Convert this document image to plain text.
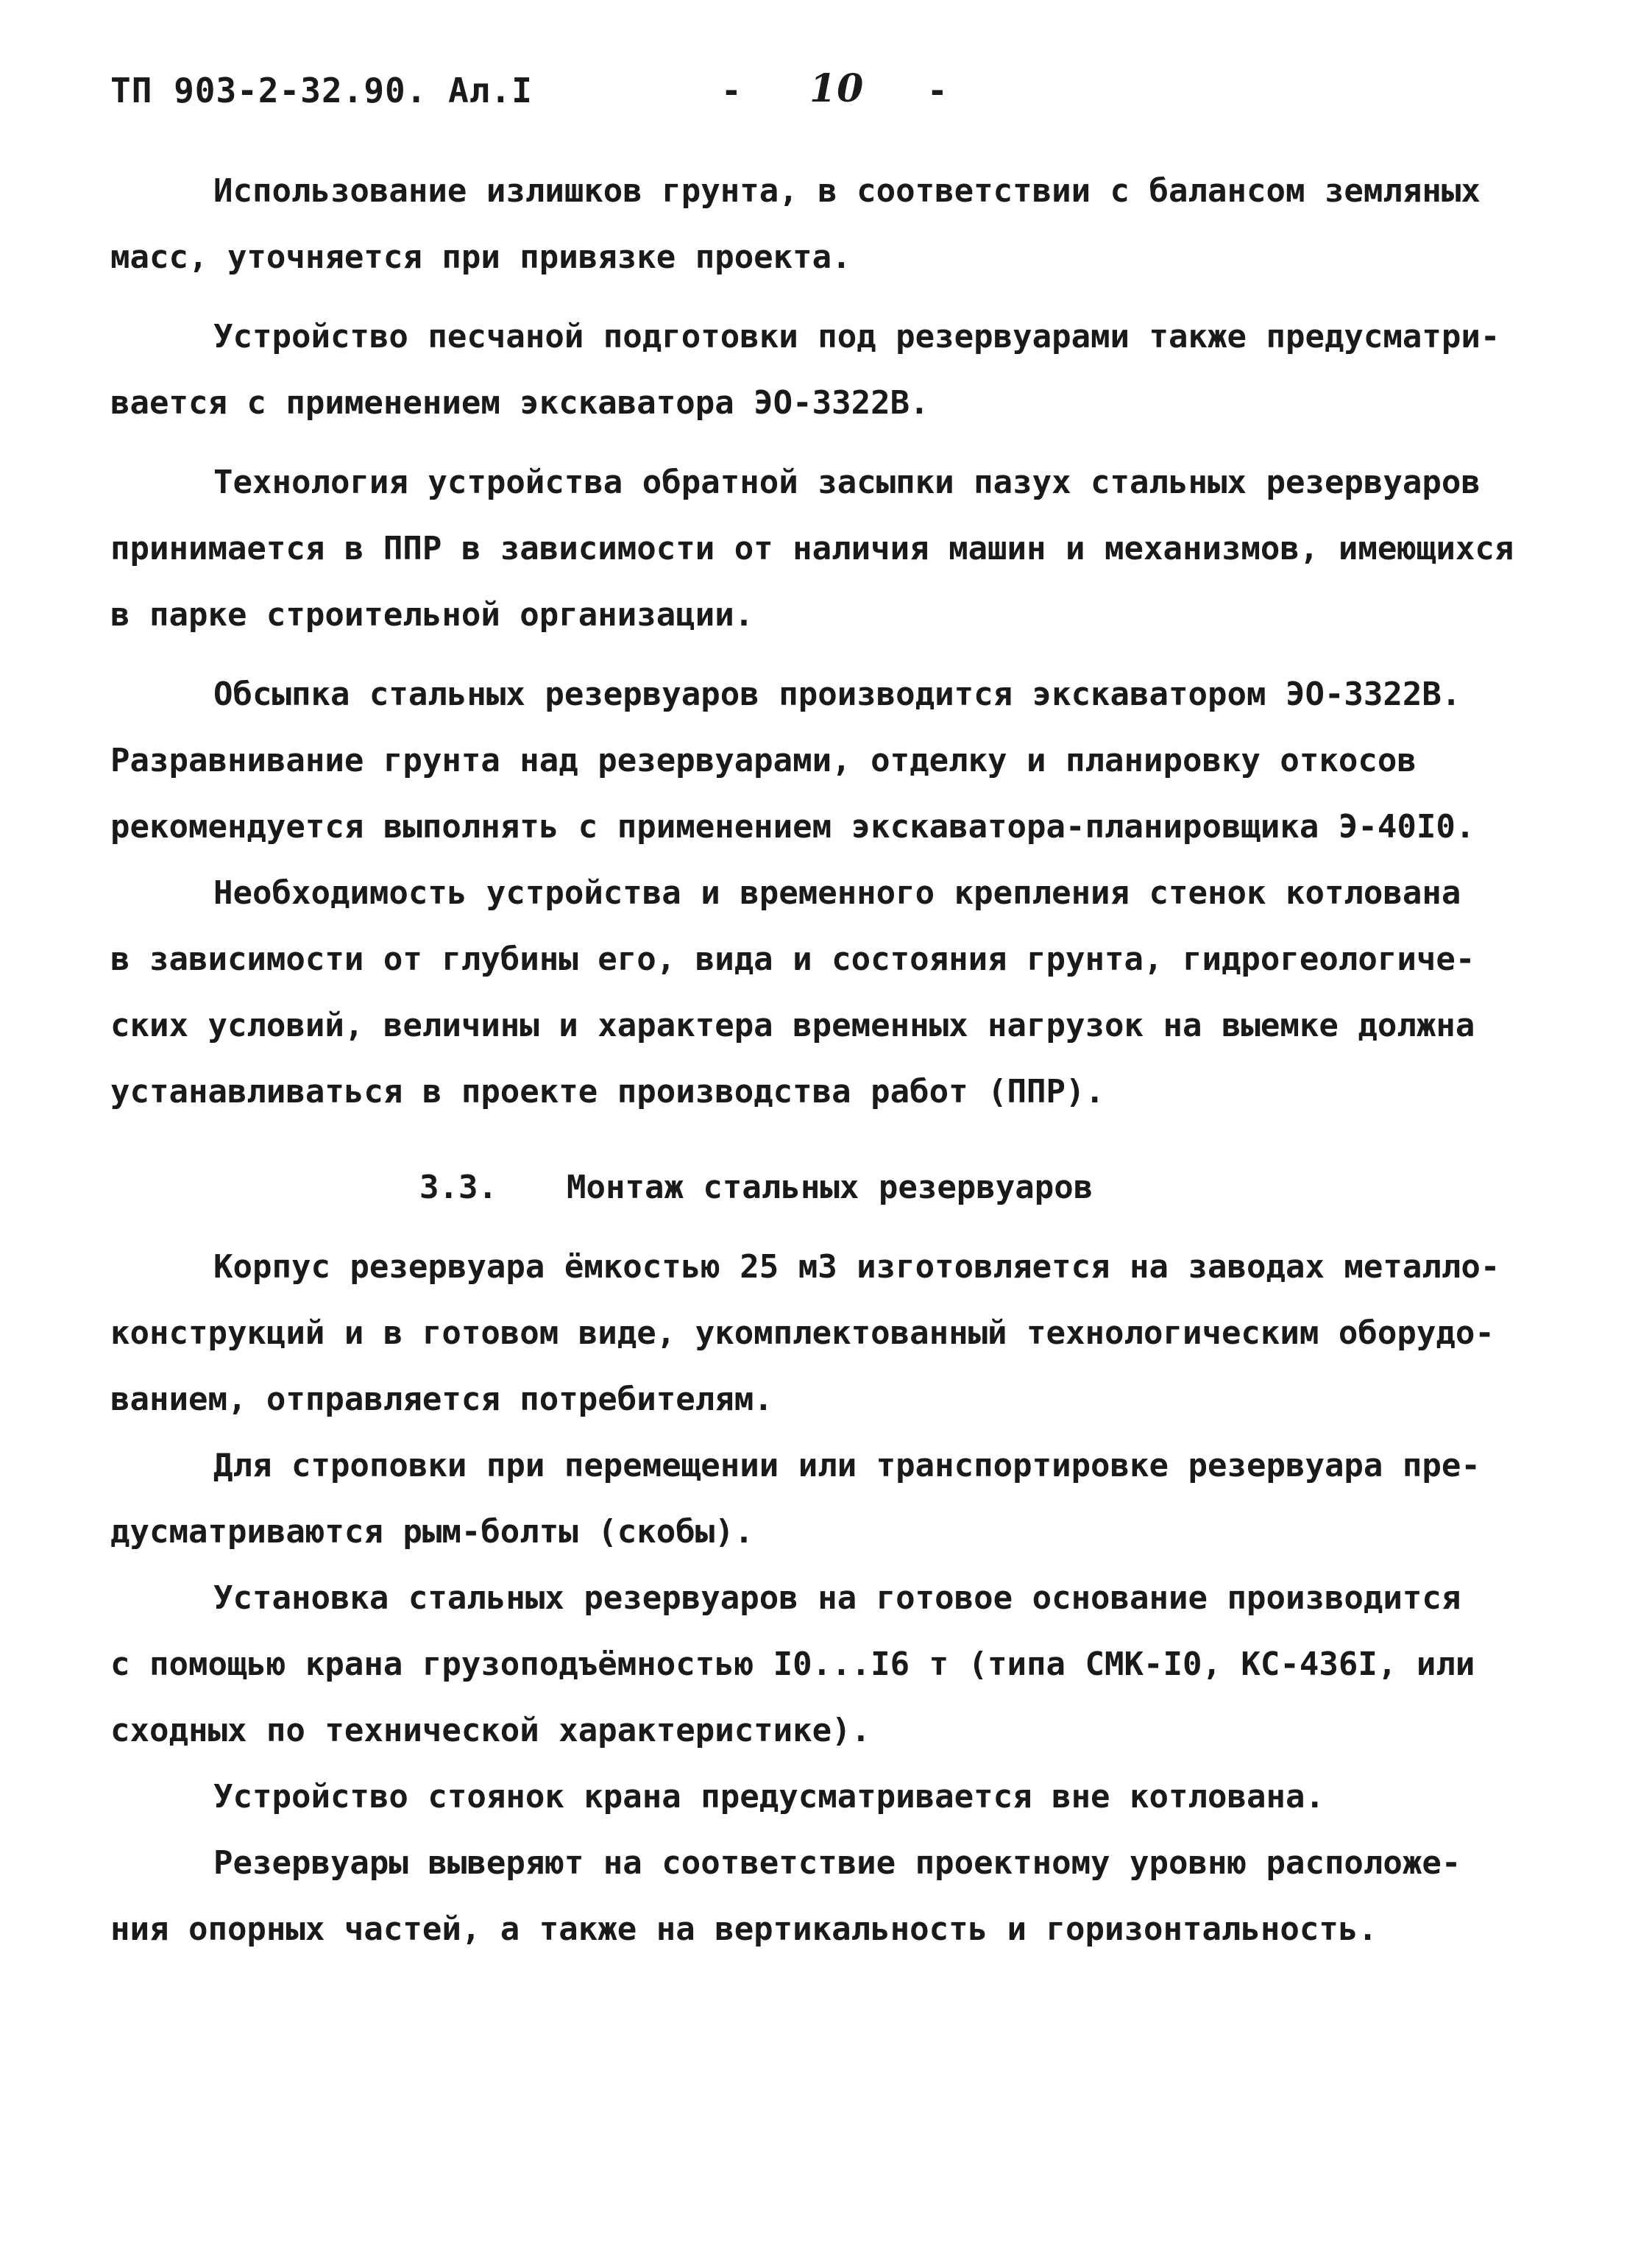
ТП 903-2-32.90. Ал.I	- 10 -

Использование излишков грунта, в соответствии с балансом земляных
масс, уточняется при привязке проекта.

Устройство песчаной подготовки под резервуарами также предусматри-
вается с применением экскаватора ЭО-3322В.

Технология устройства обратной засыпки пазух стальных резервуаров
принимается в ППР в зависимости от наличия машин и механизмов, имеющихся
в парке строительной организации.

Обсыпка стальных резервуаров производится экскаватором ЭО-3322В.
Разравнивание грунта над резервуарами, отделку и планировку откосов
рекомендуется выполнять с применением экскаватора-планировщика Э-40I0.

Необходимость устройства и временного крепления стенок котлована
в зависимости от глубины его, вида и состояния грунта, гидрогеологиче-
ских условий, величины и характера временных нагрузок на выемке должна
устанавливаться в проекте производства работ (ППР).

3.3. Монтаж стальных резервуаров

Корпус резервуара ёмкостью 25 м3 изготовляется на заводах металло-
конструкций и в готовом виде, укомплектованный технологическим оборудо-
ванием, отправляется потребителям.

Для строповки при перемещении или транспортировке резервуара пре-
дусматриваются рым-болты (скобы).

Установка стальных резервуаров на готовое основание производится
с помощью крана грузоподъёмностью I0...I6 т (типа СМК-I0, КС-436I, или
сходных по технической характеристике).

Устройство стоянок крана предусматривается вне котлована.

Резервуары выверяют на соответствие проектному уровню расположе-
ния опорных частей, а также на вертикальность и горизонтальность.
